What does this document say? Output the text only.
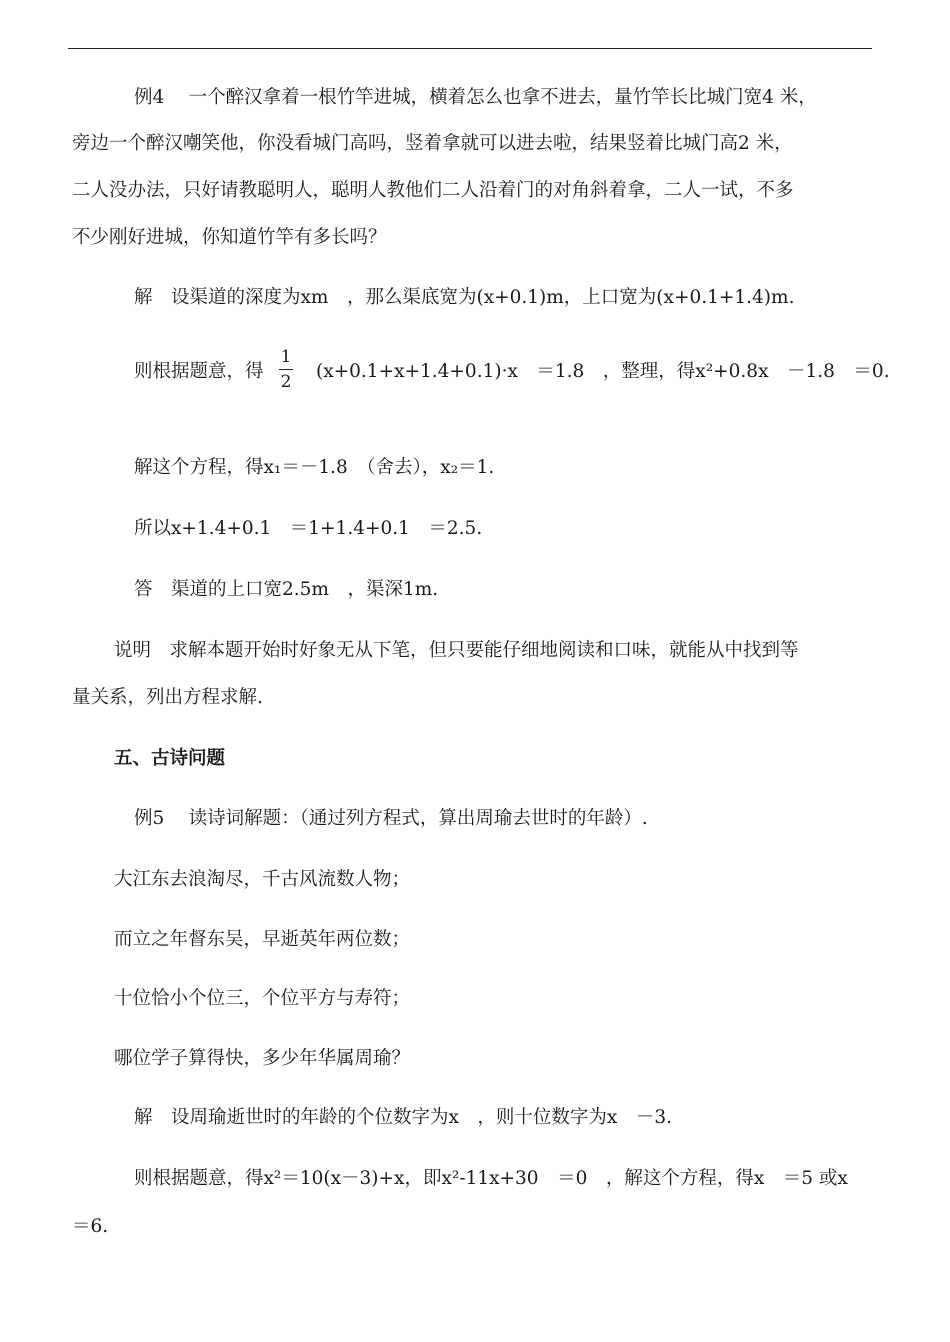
例4　 一个醉汉拿着一根竹竿进城，横着怎么也拿不进去，量竹竿长比城门宽4 米，
旁边一个醉汉嘲笑他，你没看城门高吗，竖着拿就可以进去啦，结果竖着比城门高2 米，
二人没办法，只好请教聪明人，聪明人教他们二人沿着门的对角斜着拿，二人一试，不多
不少刚好进城，你知道竹竿有多长吗？
解　设渠道的深度为xm　，那么渠底宽为(x+0.1)m，上口宽为(x+0.1+1.4)m.
则根据题意，得
1
2 (x+0.1+x+1.4+0.1)·x　＝1.8　，整理，得x²+0.8x　－1.8　＝0.
解这个方程，得x₁＝－1.8　（舍去），x₂＝1.
所以x+1.4+0.1　＝1+1.4+0.1　＝2.5.
答　渠道的上口宽2.5m　，渠深1m.
说明　求解本题开始时好象无从下笔，但只要能仔细地阅读和口味，就能从中找到等
量关系，列出方程求解.
五、古诗问题
例5　 读诗词解题：（通过列方程式，算出周瑜去世时的年龄）.
大江东去浪淘尽，千古风流数人物；
而立之年督东吴，早逝英年两位数；
十位恰小个位三，个位平方与寿符；
哪位学子算得快，多少年华属周瑜？
解　设周瑜逝世时的年龄的个位数字为x　，则十位数字为x　－3.
则根据题意，得x²＝10(x－3)+x，即x²-11x+30　＝0　，解这个方程，得x　＝5 或x
＝6.
